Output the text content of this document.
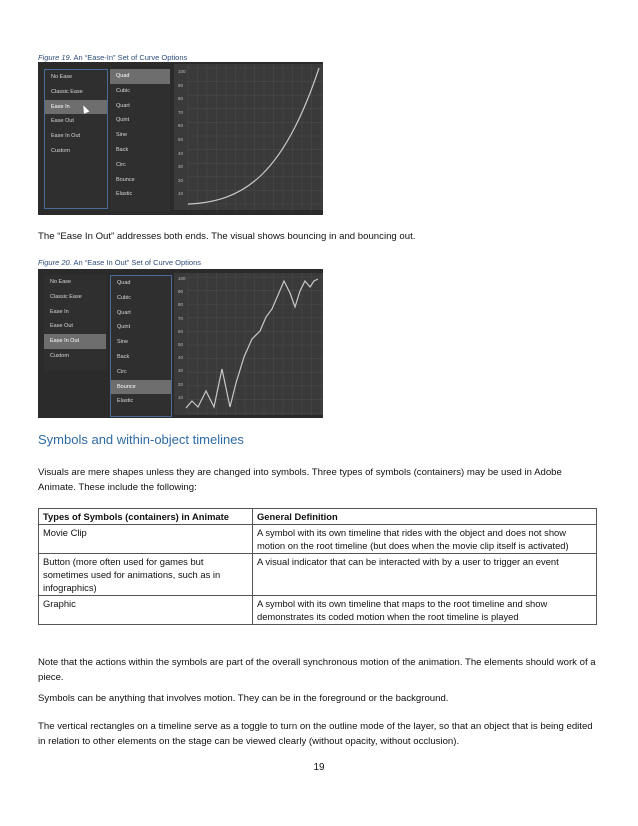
Figure 19. An “Ease-In” Set of Curve Options
No Ease
Classic Ease
Ease In
Ease Out
Ease In Out
Custom
Quad
Cubic
Quart
Quint
Sine
Back
Circ
Bounce
Elastic
100
90
80
70
60
50
40
30
20
10
The “Ease In Out” addresses both ends. The visual shows bouncing in and bouncing out.
Figure 20. An “Ease In Out” Set of Curve Options
No Ease
Classic Ease
Ease In
Ease Out
Ease In Out
Custom
Quad
Cubic
Quart
Quint
Sine
Back
Circ
Bounce
Elastic
100
90
80
70
60
50
40
30
20
10
Symbols and within-object timelines
Visuals are mere shapes unless they are changed into symbols. Three types of symbols (containers) may be used in Adobe Animate. These include the following:
Types of Symbols (containers) in Animate	General Definition
Movie Clip	A symbol with its own timeline that rides with the object and does not show motion on the root timeline (but does when the movie clip itself is activated)
Button (more often used for games but sometimes used for animations, such as in infographics)	A visual indicator that can be interacted with by a user to trigger an event
Graphic	A symbol with its own timeline that maps to the root timeline and show demonstrates its coded motion when the root timeline is played
Note that the actions within the symbols are part of the overall synchronous motion of the animation. The elements should work of a piece.
Symbols can be anything that involves motion. They can be in the foreground or the background.
The vertical rectangles on a timeline serve as a toggle to turn on the outline mode of the layer, so that an object that is being edited in relation to other elements on the stage can be viewed clearly (without opacity, without occlusion).
19
